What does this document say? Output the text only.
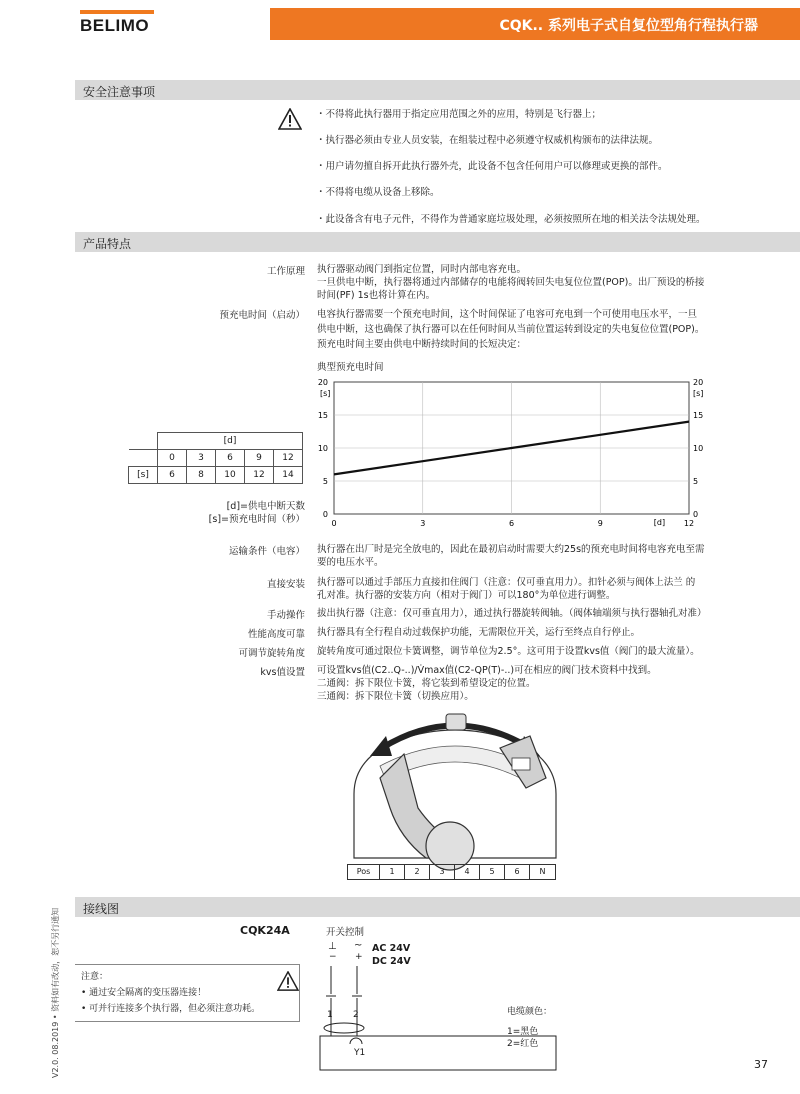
BELIMO	CQK.. 系列电子式自复位型角行程执行器
安全注意事项
・不得将此执行器用于指定应用范围之外的应用，特别是飞行器上；
・执行器必须由专业人员安装，在组装过程中必须遵守权威机构颁布的法律法规。
・用户请勿擅自拆开此执行器外壳，此设备不包含任何用户可以修理或更换的部件。
・不得将电缆从设备上移除。
・此设备含有电子元件，不得作为普通家庭垃圾处理，必须按照所在地的相关法令法规处理。
产品特点
工作原理 执行器驱动阀门到指定位置，同时内部电容充电。
一旦供电中断，执行器将通过内部储存的电能将阀转回失电复位位置(POP)。出厂预设的桥接
时间(PF) 1s也将计算在内。
预充电时间（启动） 电容执行器需要一个预充电时间，这个时间保证了电容可充电到一个可使用电压水平，一旦
供电中断，这也确保了执行器可以在任何时间从当前位置运转到设定的失电复位位置(POP)。
预充电时间主要由供电中断持续时间的长短决定：
典型预充电时间
0	0
5	5
10	10
15	15
20	20
0	3	6	9	12
[s]	[s]
[d]
	[d]				
	0	3	6	9	12
[s]	6	8	10	12	14
[d]=供电中断天数
[s]=预充电时间（秒）
运输条件（电容） 执行器在出厂时是完全放电的，因此在最初启动时需要大约25s的预充电时间将电容充电至需
要的电压水平。
直接安装 执行器可以通过手部压力直接扣住阀门（注意：仅可垂直用力）。扣针必须与阀体上法兰 的
孔对准。执行器的安装方向（相对于阀门）可以180°为单位进行调整。
手动操作 拔出执行器（注意：仅可垂直用力），通过执行器旋转阀轴。（阀体轴端须与执行器轴孔对准）
性能高度可靠 执行器具有全行程自动过载保护功能，无需限位开关，运行至终点自行停止。
可调节旋转角度 旋转角度可通过限位卡簧调整，调节单位为2.5°。这可用于设置kvs值（阀门的最大流量）。
kvs值设置 可设置kvs值(C2..Q-..)/V̇max值(C2-QP(T)-..)可在相应的阀门技术资料中找到。
二通阀：拆下限位卡簧，将它装到希望设定的位置。
三通阀：拆下限位卡簧（切换应用）。
Pos	1	2	3	4	5	6	N
接线图
CQK24A	开关控制
⊥ ~
− +
AC 24V
DC 24V
1 2
Y1
电缆颜色：
1=黑色
2=红色
注意：
• 通过安全隔离的变压器连接！
• 可并行连接多个执行器，但必须注意功耗。
V2.0. 08.2019 • 资料如有改动，恕不另行通知	37
